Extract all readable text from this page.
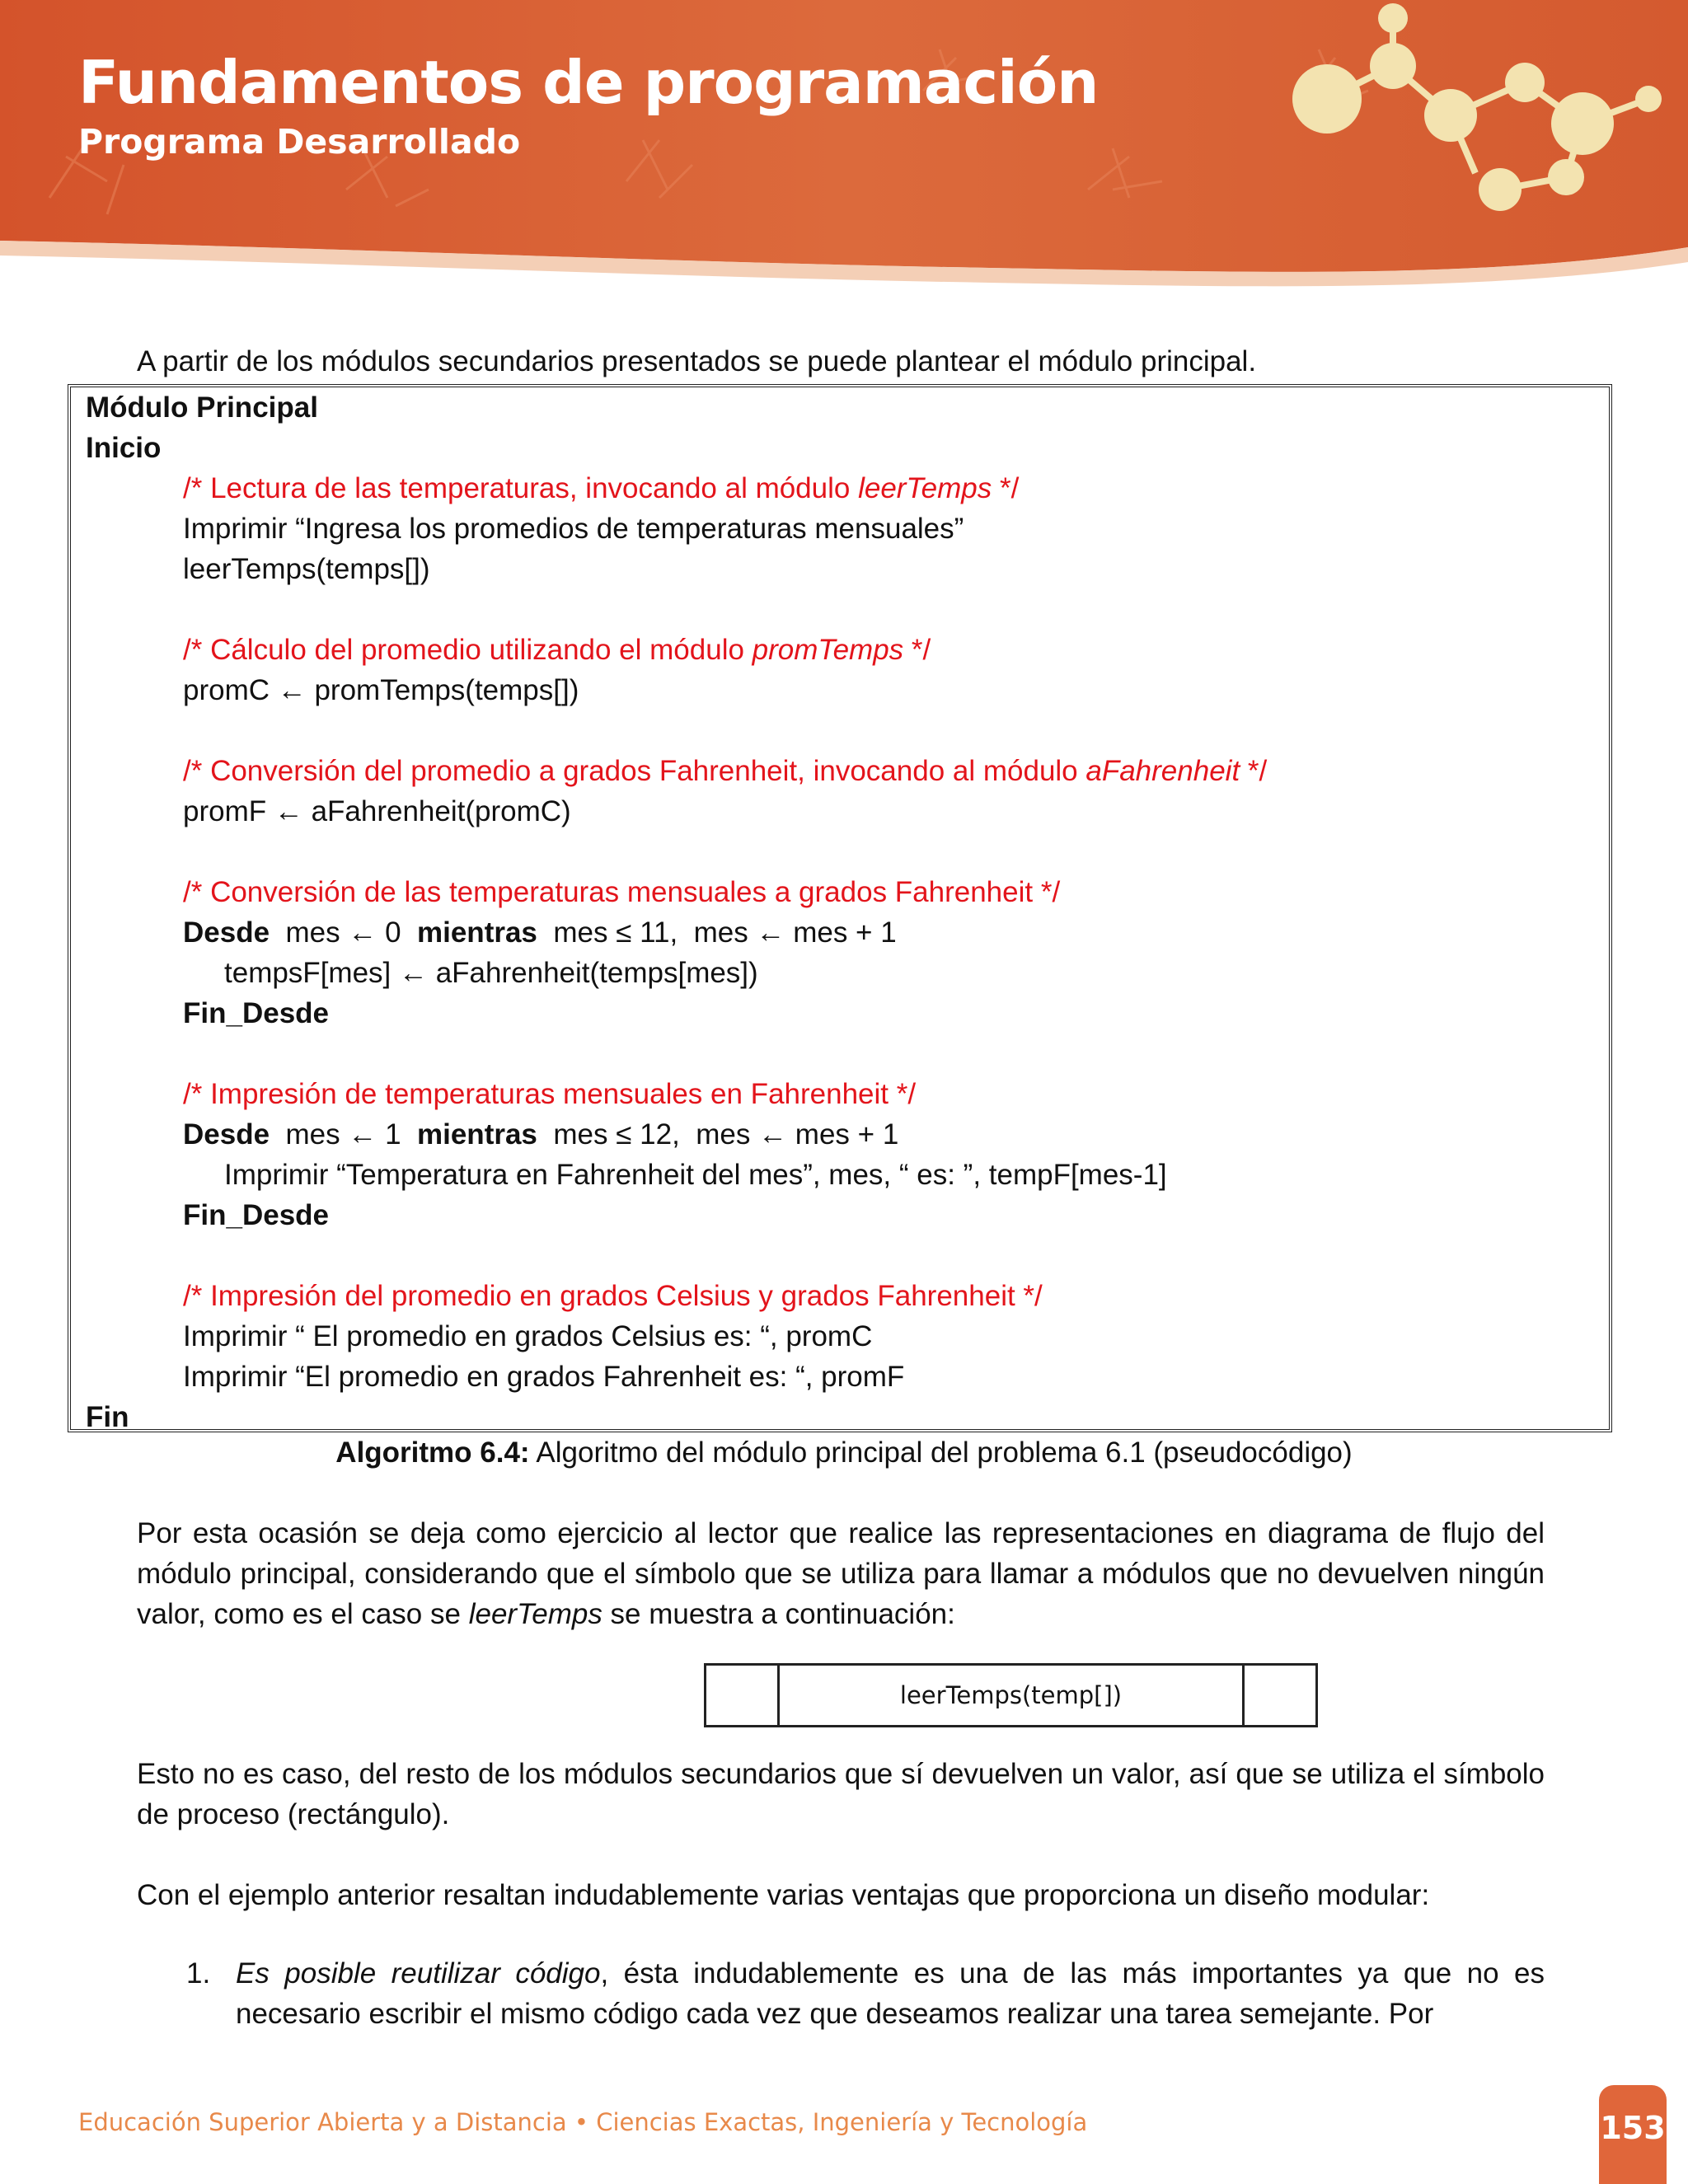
Fundamentos de programación
Programa Desarrollado

A partir de los módulos secundarios presentados se puede plantear el módulo principal.

Módulo Principal
Inicio
/* Lectura de las temperaturas, invocando al módulo leerTemps */
Imprimir “Ingresa los promedios de temperaturas mensuales”
leerTemps(temps[])
/* Cálculo del promedio utilizando el módulo promTemps */
promC ← promTemps(temps[])
/* Conversión del promedio a grados Fahrenheit, invocando al módulo aFahrenheit */
promF ← aFahrenheit(promC)
/* Conversión de las temperaturas mensuales a grados Fahrenheit */
Desde  mes ← 0  mientras  mes ≤ 11,  mes ← mes + 1
tempsF[mes] ← aFahrenheit(temps[mes])
Fin_Desde
/* Impresión de temperaturas mensuales en Fahrenheit */
Desde  mes ← 1  mientras  mes ≤ 12,  mes ← mes + 1
Imprimir “Temperatura en Fahrenheit del mes”, mes, “ es: ”, tempF[mes-1]
Fin_Desde
/* Impresión del promedio en grados Celsius y grados Fahrenheit */
Imprimir “ El promedio en grados Celsius es: “, promC
Imprimir “El promedio en grados Fahrenheit es: “, promF
Fin
Algoritmo 6.4: Algoritmo del módulo principal del problema 6.1 (pseudocódigo)

Por esta ocasión se deja como ejercicio al lector que realice las representaciones en diagrama de flujo del módulo principal, considerando que el símbolo que se utiliza para llamar a módulos que no devuelven ningún valor, como es el caso se leerTemps se muestra a continuación:

leerTemps(temp[])

Esto no es caso, del resto de los módulos secundarios que sí devuelven un valor, así que se utiliza el símbolo de proceso (rectángulo).

Con el ejemplo anterior resaltan indudablemente varias ventajas que proporciona un diseño modular:

1. Es posible reutilizar código, ésta indudablemente es una de las más importantes ya que no es necesario escribir el mismo código cada vez que deseamos realizar una tarea semejante. Por

Educación Superior Abierta y a Distancia • Ciencias Exactas, Ingeniería y Tecnología	153
